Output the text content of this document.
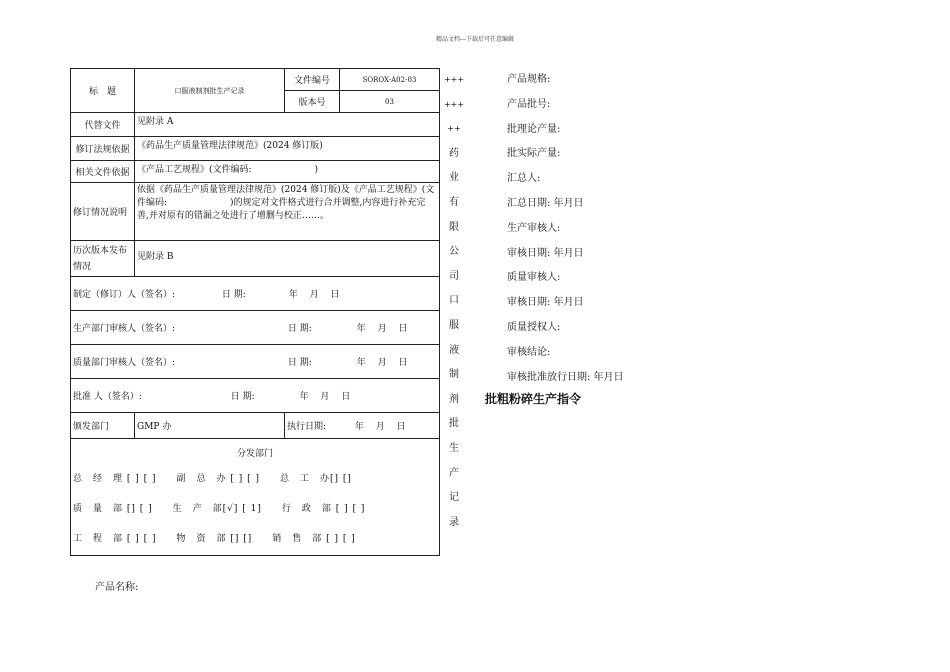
精品文档---下载后可任意编辑
标　题	口服液制剂批生产记录	文件编号	SOROX-A02-03
		版本号	03
代替文件	见附录 A		
修订法规依据	《药品生产质量管理法律规范》(2024 修订版)		
相关文件依据	《产品工艺规程》(文件编码:　　　　　　　)		
修订情况说明	依据《药品生产质量管理法律规范》(2024 修订版)及《产品工艺规程》(文件编码:　　　　　　　)的规定对文件格式进行合并调整,内容进行补充完善,并对原有的错漏之处进行了增删与校正……。		
历次版本发布情况	见附录 B		
制定（修订）人（签名）: 日 期: 年　 月　 日			
生产部门审核人（签名）: 日 期: 年　 月　 日			
质量部门审核人（签名）: 日 期: 年　 月　 日			
批准 人（签名）: 日 期: 年　 月　 日			
颁发部门	GMP 办	执行日期: 年　 月　 日	

分发部门
总　经　理 [ ] [ ]　　副　总　办 [ ] [ ]　　总　工　办[] []
质　量　部 [] [ ]　　生　产　部[√] [ 1]　　行　政　部 [ ] [ ]
工　程　部 [ ] [ ]　　物　资　部 [] []　　销　售　部 [ ] [ ]			
+++
+++
++
药
业
有
限
公
司
口
服
液
制
剂
批
生
产
记
录
产品规格:
产品批号:
批理论产量:
批实际产量:
汇总人:
汇总日期: 年月日
生产审核人:
审核日期: 年月日
质量审核人:
审核日期: 年月日
质量授权人:
审核结论:
审核批准放行日期: 年月日
批粗粉碎生产指令
产品名称:
